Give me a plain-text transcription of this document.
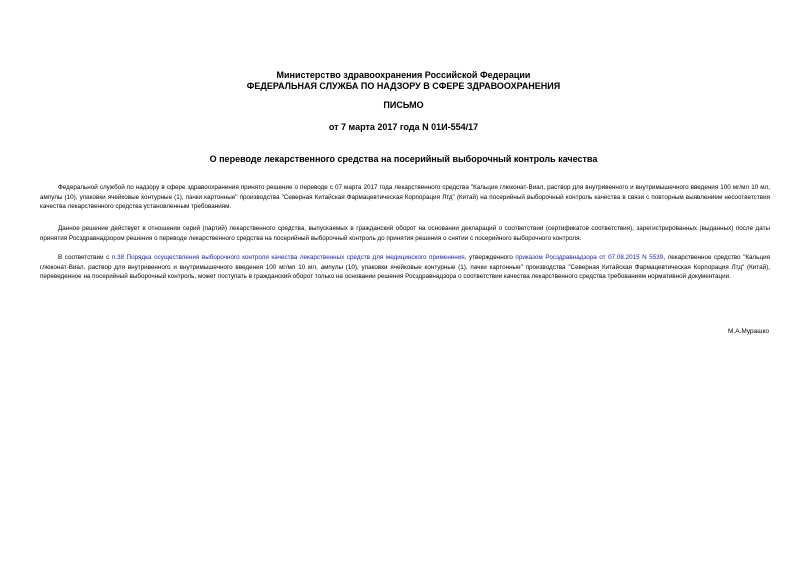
Министерство здравоохранения Российской Федерации
ФЕДЕРАЛЬНАЯ СЛУЖБА ПО НАДЗОРУ В СФЕРЕ ЗДРАВООХРАНЕНИЯ
ПИСЬМО
от 7 марта 2017 года N 01И-554/17
О переводе лекарственного средства на посерийный выборочный контроль качества

Федеральной службой по надзору в сфере здравоохранения принято решение о переводе с 07 марта 2017 года лекарственного средства "Кальция глюконат-Виал, раствор для внутривенного и внутримышечного введения 100 мг/мл 10 мл, ампулы (10), упаковки ячейковые контурные (1), пачки картонные" производства "Северная Китайская Фармацевтическая Корпорация Лтд" (Китай) на посерийный выборочный контроль качества в связи с повторным выявлением несоответствия качества лекарственного средства установленным требованиям.

Данное решение действует в отношении серий (партий) лекарственного средства, выпускаемых в гражданский оборот на основании деклараций о соответствии (сертификатов соответствия), зарегистрированных (выданных) после даты принятия Росздравнадзором решения о переводе лекарственного средства на посерийный выборочный контроль до принятия решения о снятии с посерийного выборочного контроля.

В соответствии с п.38 Порядка осуществления выборочного контроля качества лекарственных средств для медицинского применения, утвержденного приказом Росздравнадзора от 07.08.2015 N 5539, лекарственное средство "Кальция глюконат-Виал, раствор для внутривенного и внутримышечного введения 100 мг/мл 10 мл, ампулы (10), упаковки ячейковые контурные (1), пачки картонные" производства "Северная Китайская Фармацевтическая Корпорация Лтд" (Китай), переведенное на посерийный выборочный контроль, может поступать в гражданский оборот только на основании решения Росздравнадзора о соответствии качества лекарственного средства требованиям нормативной документации.

М.А.Мурашко
